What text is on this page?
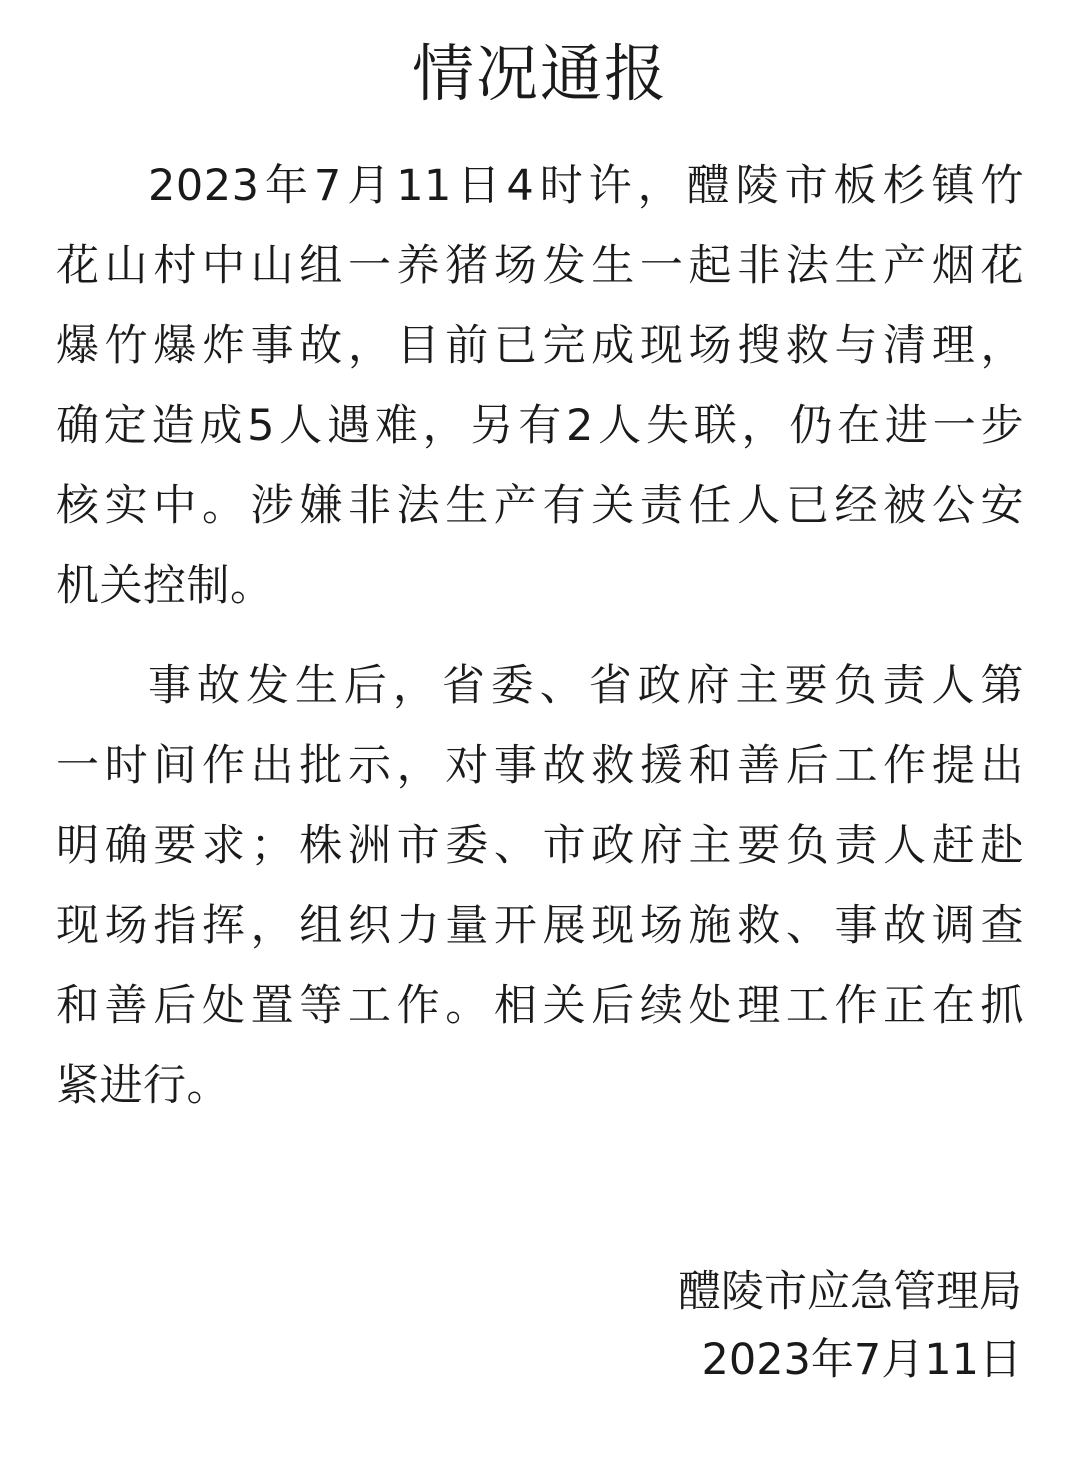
情况通报

2023年7月11日4时许，醴陵市板杉镇竹
花山村中山组一养猪场发生一起非法生产烟花
爆竹爆炸事故，目前已完成现场搜救与清理，
确定造成5人遇难，另有2人失联，仍在进一步
核实中。涉嫌非法生产有关责任人已经被公安
机关控制。

事故发生后，省委、省政府主要负责人第
一时间作出批示，对事故救援和善后工作提出
明确要求；株洲市委、市政府主要负责人赶赴
现场指挥，组织力量开展现场施救、事故调查
和善后处置等工作。相关后续处理工作正在抓
紧进行。

醴陵市应急管理局
2023年7月11日
